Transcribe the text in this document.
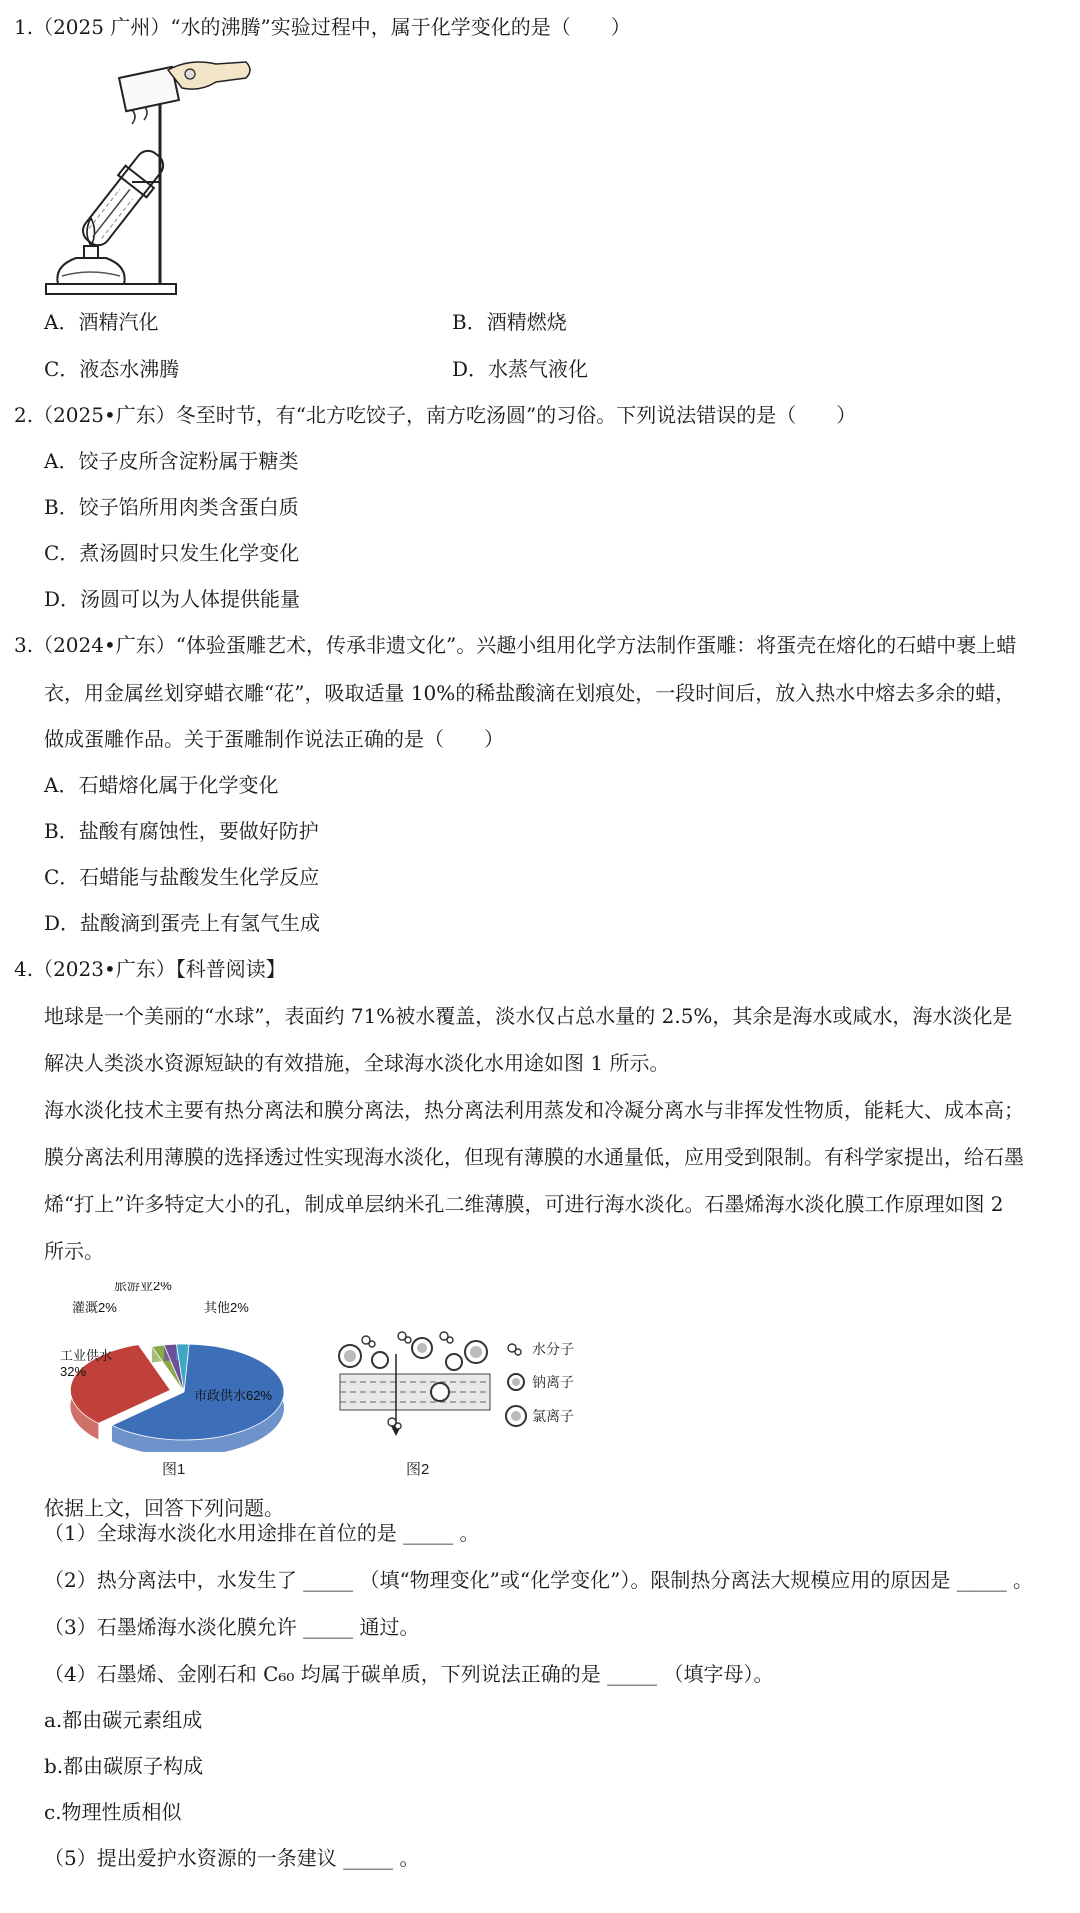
1.（2025 广州）“水的沸腾”实验过程中，属于化学变化的是（　　）
A．酒精汽化	B．酒精燃烧
C．液态水沸腾	D．水蒸气液化
2.（2025•广东）冬至时节，有“北方吃饺子，南方吃汤圆”的习俗。下列说法错误的是（　　）
A．饺子皮所含淀粉属于糖类
B．饺子馅所用肉类含蛋白质
C．煮汤圆时只发生化学变化
D．汤圆可以为人体提供能量
3.（2024•广东）“体验蛋雕艺术，传承非遗文化”。兴趣小组用化学方法制作蛋雕：将蛋壳在熔化的石蜡中裹上蜡
衣，用金属丝划穿蜡衣雕“花”，吸取适量 10%的稀盐酸滴在划痕处，一段时间后，放入热水中熔去多余的蜡，
做成蛋雕作品。关于蛋雕制作说法正确的是（　　）
A．石蜡熔化属于化学变化
B．盐酸有腐蚀性，要做好防护
C．石蜡能与盐酸发生化学反应
D．盐酸滴到蛋壳上有氢气生成
4.（2023•广东）【科普阅读】
地球是一个美丽的“水球”，表面约 71%被水覆盖，淡水仅占总水量的 2.5%，其余是海水或咸水，海水淡化是
解决人类淡水资源短缺的有效措施，全球海水淡化水用途如图 1 所示。
海水淡化技术主要有热分离法和膜分离法，热分离法利用蒸发和冷凝分离水与非挥发性物质，能耗大、成本高；
膜分离法利用薄膜的选择透过性实现海水淡化，但现有薄膜的水通量低，应用受到限制。有科学家提出，给石墨
烯“打上”许多特定大小的孔，制成单层纳米孔二维薄膜，可进行海水淡化。石墨烯海水淡化膜工作原理如图 2
所示。
市政供水62%
工业供水
32%
灌溉2%
旅游业2%
其他2%
图1
水分子
钠离子
氯离子
图2
依据上文，回答下列问题。
（1）全球海水淡化水用途排在首位的是 _____ 。
（2）热分离法中，水发生了 _____ （填“物理变化”或“化学变化”）。限制热分离法大规模应用的原因是 _____ 。
（3）石墨烯海水淡化膜允许 _____ 通过。
（4）石墨烯、金刚石和 C₆₀ 均属于碳单质，下列说法正确的是 _____ （填字母）。
a.都由碳元素组成
b.都由碳原子构成
c.物理性质相似
（5）提出爱护水资源的一条建议 _____ 。
